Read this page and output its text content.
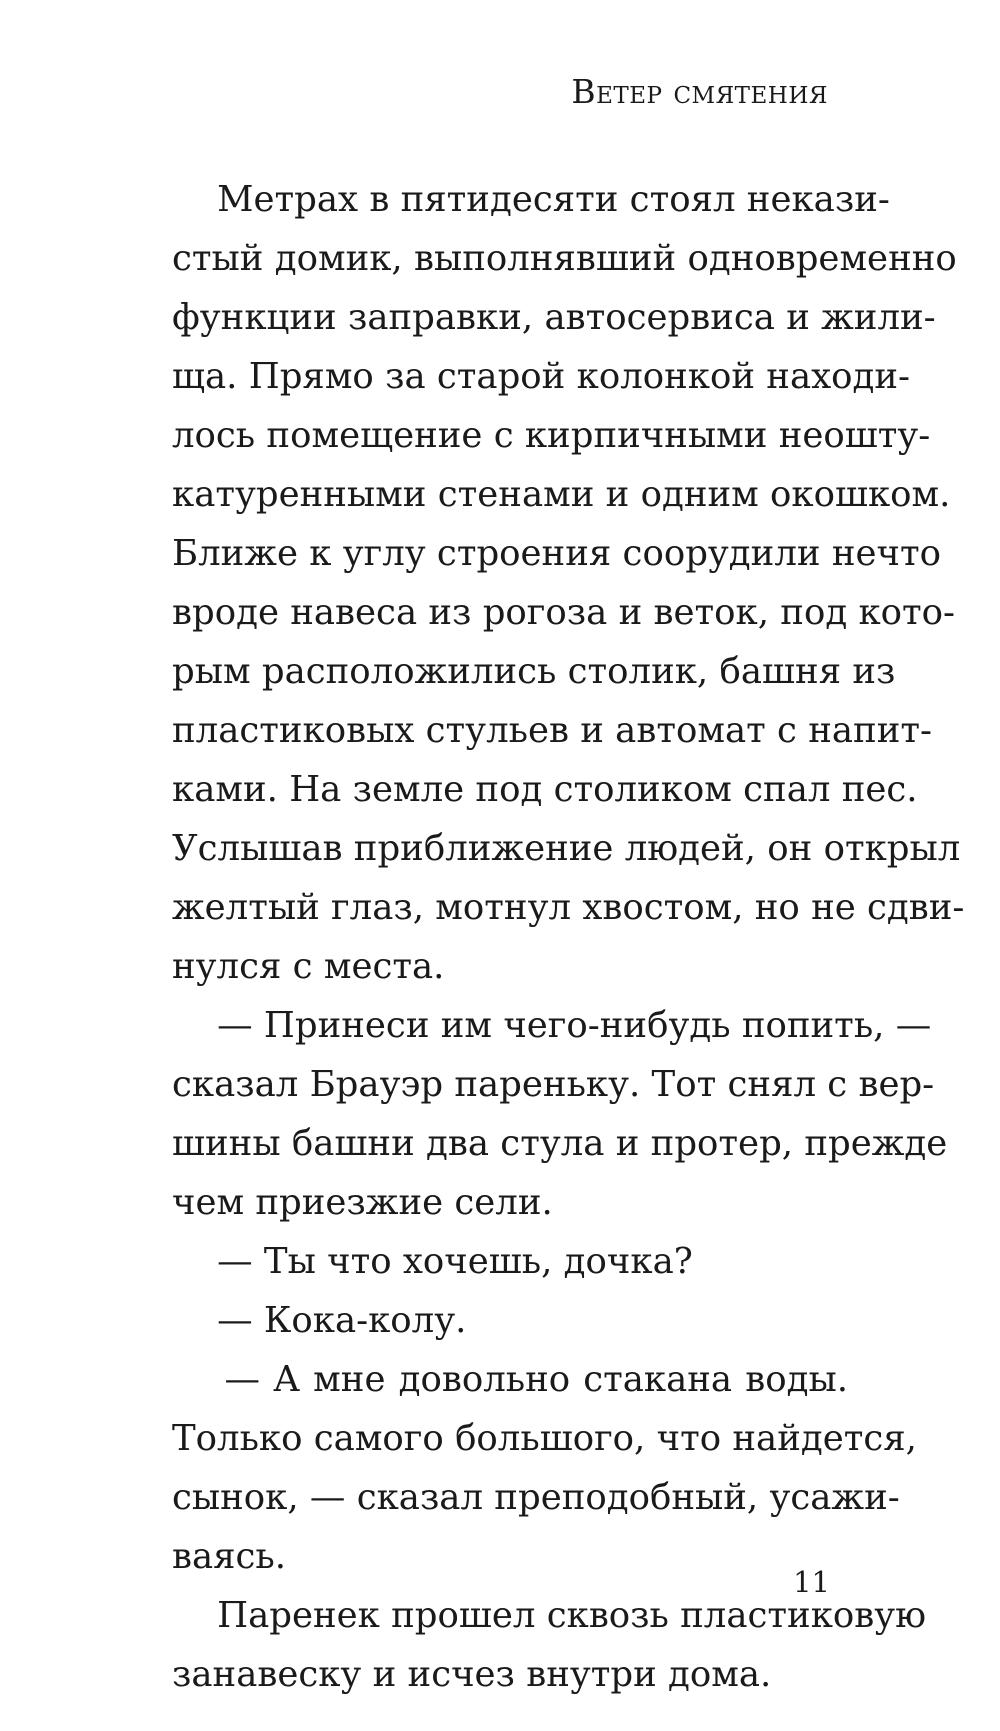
Ветер смятения
Метрах в пятидесяти стоял некази-
стый домик, выполнявший одновременно
функции заправки, автосервиса и жили-
ща. Прямо за старой колонкой находи-
лось помещение с кирпичными неошту-
катуренными стенами и одним окошком.
Ближе к углу строения соорудили нечто
вроде навеса из рогоза и веток, под кото-
рым расположились столик, башня из
пластиковых стульев и автомат с напит-
ками. На земле под столиком спал пес.
Услышав приближение людей, он открыл
желтый глаз, мотнул хвостом, но не сдви-
нулся с места.
— Принеси им чего-нибудь попить, —
сказал Брауэр пареньку. Тот снял с вер-
шины башни два стула и протер, прежде
чем приезжие сели.
— Ты что хочешь, дочка?
— Кока-колу.
— А мне довольно стакана воды.
Только самого большого, что найдется,
сынок, — сказал преподобный, усажи-
ваясь.
Паренек прошел сквозь пластиковую
занавеску и исчез внутри дома.
11
